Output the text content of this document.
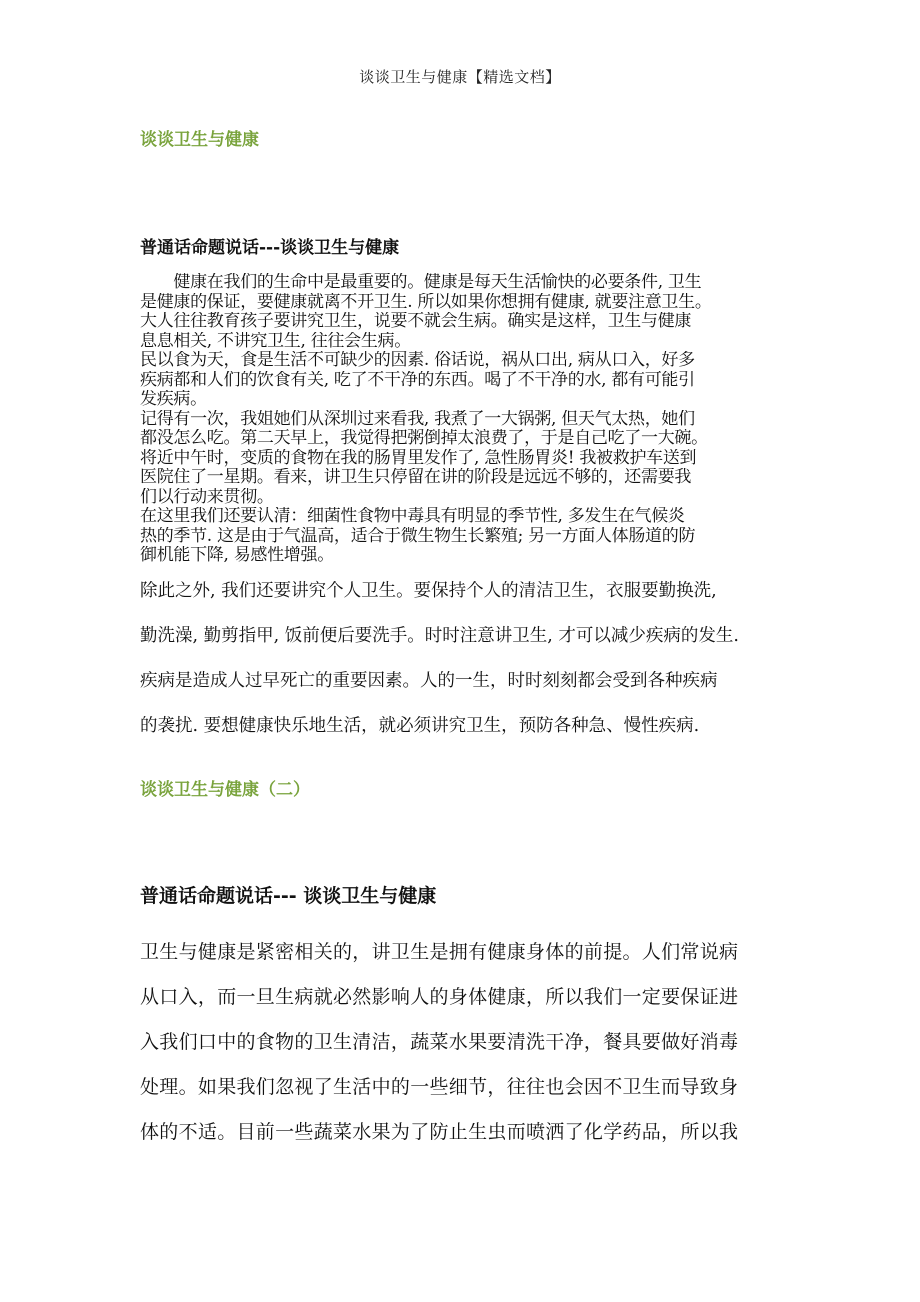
谈谈卫生与健康【精选文档】
谈谈卫生与健康
普通话命题说话---谈谈卫生与健康

　　健康在我们的生命中是最重要的。健康是每天生活愉快的必要条件, 卫生

是健康的保证，要健康就离不开卫生. 所以如果你想拥有健康, 就要注意卫生。

大人往往教育孩子要讲究卫生，说要不就会生病。确实是这样，卫生与健康

息息相关, 不讲究卫生, 往往会生病。

民以食为天，食是生活不可缺少的因素. 俗话说，祸从口出, 病从口入，好多

疾病都和人们的饮食有关, 吃了不干净的东西。喝了不干净的水, 都有可能引

发疾病。

记得有一次，我姐她们从深圳过来看我, 我煮了一大锅粥, 但天气太热，她们

都没怎么吃。第二天早上，我觉得把粥倒掉太浪费了，于是自己吃了一大碗。

将近中午时，变质的食物在我的肠胃里发作了, 急性肠胃炎! 我被救护车送到

医院住了一星期。看来，讲卫生只停留在讲的阶段是远远不够的，还需要我

们以行动来贯彻。

在这里我们还要认清：细菌性食物中毒具有明显的季节性, 多发生在气候炎

热的季节. 这是由于气温高，适合于微生物生长繁殖; 另一方面人体肠道的防

御机能下降, 易感性增强。

除此之外, 我们还要讲究个人卫生。要保持个人的清洁卫生，衣服要勤换洗,

勤洗澡, 勤剪指甲, 饭前便后要洗手。时时注意讲卫生, 才可以减少疾病的发生.

疾病是造成人过早死亡的重要因素。人的一生，时时刻刻都会受到各种疾病

的袭扰. 要想健康快乐地生活，就必须讲究卫生，预防各种急、慢性疾病.

谈谈卫生与健康（二）
普通话命题说话--- 谈谈卫生与健康

卫生与健康是紧密相关的，讲卫生是拥有健康身体的前提。人们常说病

从口入，而一旦生病就必然影响人的身体健康，所以我们一定要保证进

入我们口中的食物的卫生清洁，蔬菜水果要清洗干净，餐具要做好消毒

处理。如果我们忽视了生活中的一些细节，往往也会因不卫生而导致身

体的不适。目前一些蔬菜水果为了防止生虫而喷洒了化学药品，所以我
